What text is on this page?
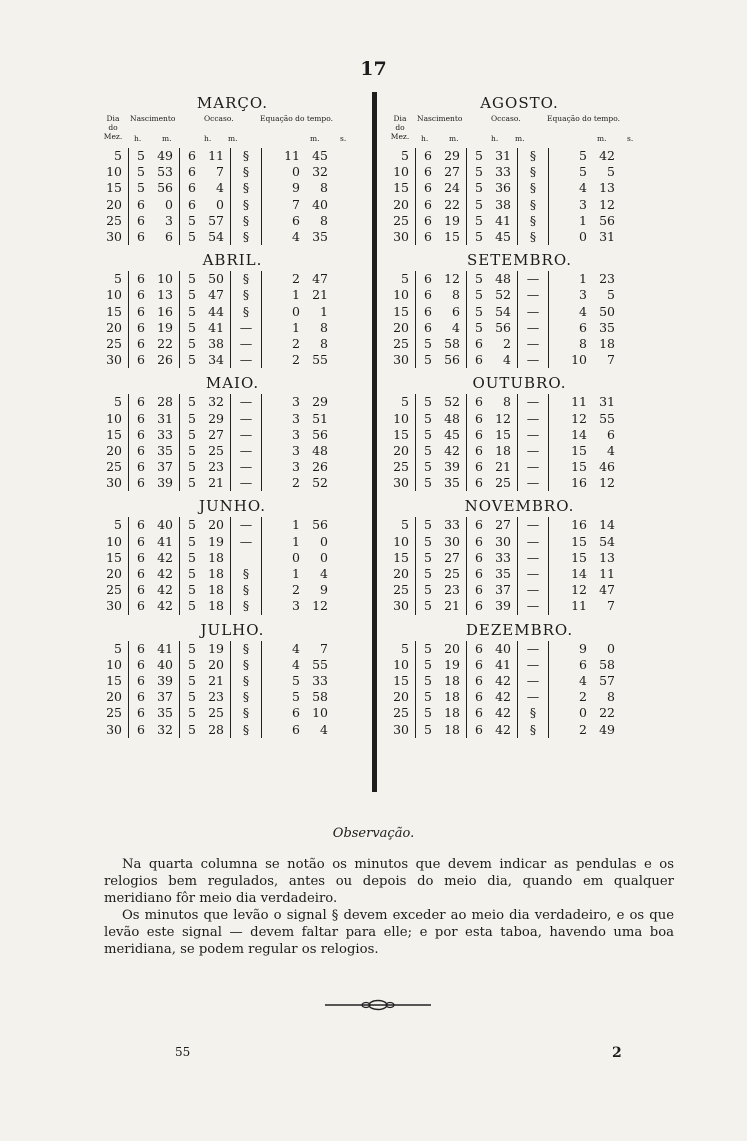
17
MARÇO.
Dia
do
Mez.
Nascimento	Occaso.	Equação do tempo.
h.	m.	h. m.	m.	s.
5	5	49	6	11	§	11	45
10	5	53	6	7	§	0	32
15	5	56	6	4	§	9	8
20	6	0	6	0	§	7	40
25	6	3	5	57	§	6	8
30	6	6	5	54	§	4	35
ABRIL.
5	6	10	5	50	§	2	47
10	6	13	5	47	§	1	21
15	6	16	5	44	§	0	1
20	6	19	5	41	—	1	8
25	6	22	5	38	—	2	8
30	6	26	5	34	—	2	55
MAIO.
5	6	28	5	32	—	3	29
10	6	31	5	29	—	3	51
15	6	33	5	27	—	3	56
20	6	35	5	25	—	3	48
25	6	37	5	23	—	3	26
30	6	39	5	21	—	2	52
JUNHO.
5	6	40	5	20	—	1	56
10	6	41	5	19	—	1	0
15	6	42	5	18		0	0
20	6	42	5	18	§	1	4
25	6	42	5	18	§	2	9
30	6	42	5	18	§	3	12
JULHO.
5	6	41	5	19	§	4	7
10	6	40	5	20	§	4	55
15	6	39	5	21	§	5	33
20	6	37	5	23	§	5	58
25	6	35	5	25	§	6	10
30	6	32	5	28	§	6	4
AGOSTO.
Dia
do
Mez.
Nascimento	Occaso.	Equação do tempo.
h.	m.	h. m.	m.	s.
5	6	29	5	31	§	5	42
10	6	27	5	33	§	5	5
15	6	24	5	36	§	4	13
20	6	22	5	38	§	3	12
25	6	19	5	41	§	1	56
30	6	15	5	45	§	0	31
SETEMBRO.
5	6	12	5	48	—	1	23
10	6	8	5	52	—	3	5
15	6	6	5	54	—	4	50
20	6	4	5	56	—	6	35
25	5	58	6	2	—	8	18
30	5	56	6	4	—	10	7
OUTUBRO.
5	5	52	6	8	—	11	31
10	5	48	6	12	—	12	55
15	5	45	6	15	—	14	6
20	5	42	6	18	—	15	4
25	5	39	6	21	—	15	46
30	5	35	6	25	—	16	12
NOVEMBRO.
5	5	33	6	27	—	16	14
10	5	30	6	30	—	15	54
15	5	27	6	33	—	15	13
20	5	25	6	35	—	14	11
25	5	23	6	37	—	12	47
30	5	21	6	39	—	11	7
DEZEMBRO.
5	5	20	6	40	—	9	0
10	5	19	6	41	—	6	58
15	5	18	6	42	—	4	57
20	5	18	6	42	—	2	8
25	5	18	6	42	§	0	22
30	5	18	6	42	§	2	49
Observação.
Na quarta columna se notão os minutos que devem indicar as pendulas e os relogios bem regulados, antes ou depois do meio dia, quando em qualquer meridiano fôr meio dia verdadeiro.
Os minutos que levão o signal § devem exceder ao meio dia verdadeiro, e os que levão este signal — devem faltar para elle; e por esta taboa, havendo uma boa meridiana, se podem regular os relogios.
55	2
